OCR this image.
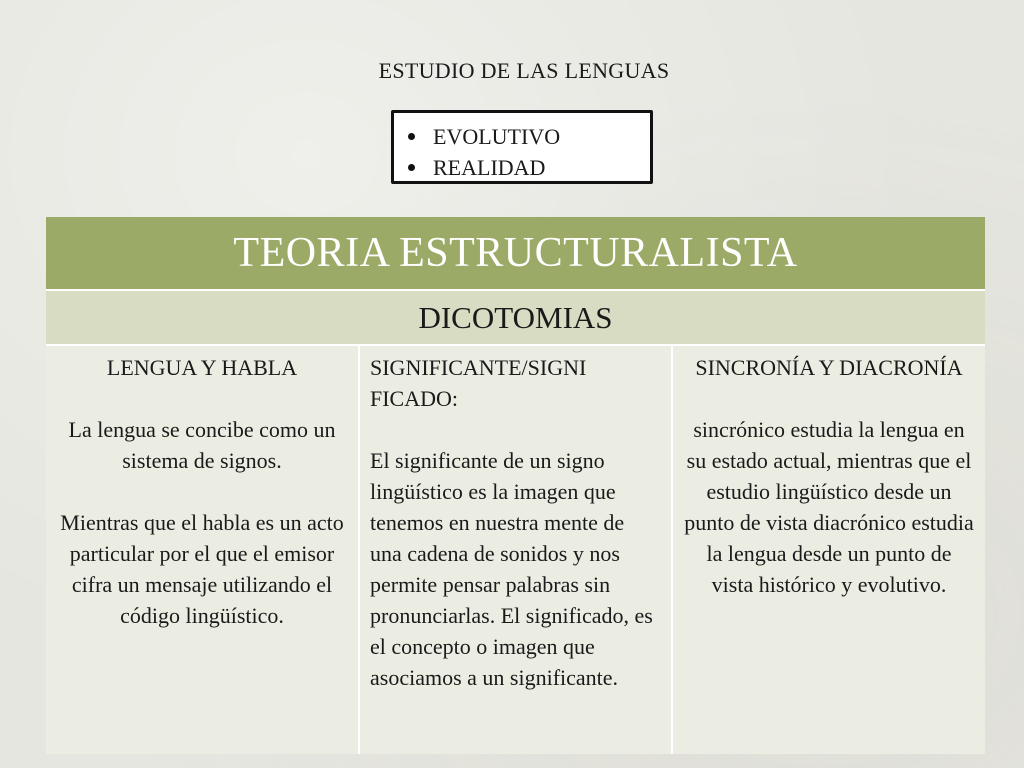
ESTUDIO DE LAS LENGUAS
EVOLUTIVO
REALIDAD
TEORIA ESTRUCTURALISTA
DICOTOMIAS

LENGUA Y HABLA
La lengua se concibe como un sistema de signos.
Mientras que el habla es un acto particular por el que el emisor cifra un mensaje utilizando el código lingüístico.

SIGNIFICANTE/SIGNI FICADO:
El significante de un signo lingüístico es la imagen que tenemos en nuestra mente de una cadena de sonidos y nos permite pensar palabras sin pronunciarlas. El significado, es el concepto o imagen que asociamos a un significante.

SINCRONÍA Y DIACRONÍA
sincrónico estudia la lengua en su estado actual, mientras que el estudio lingüístico desde un punto de vista diacrónico estudia la lengua desde un punto de vista histórico y evolutivo.
